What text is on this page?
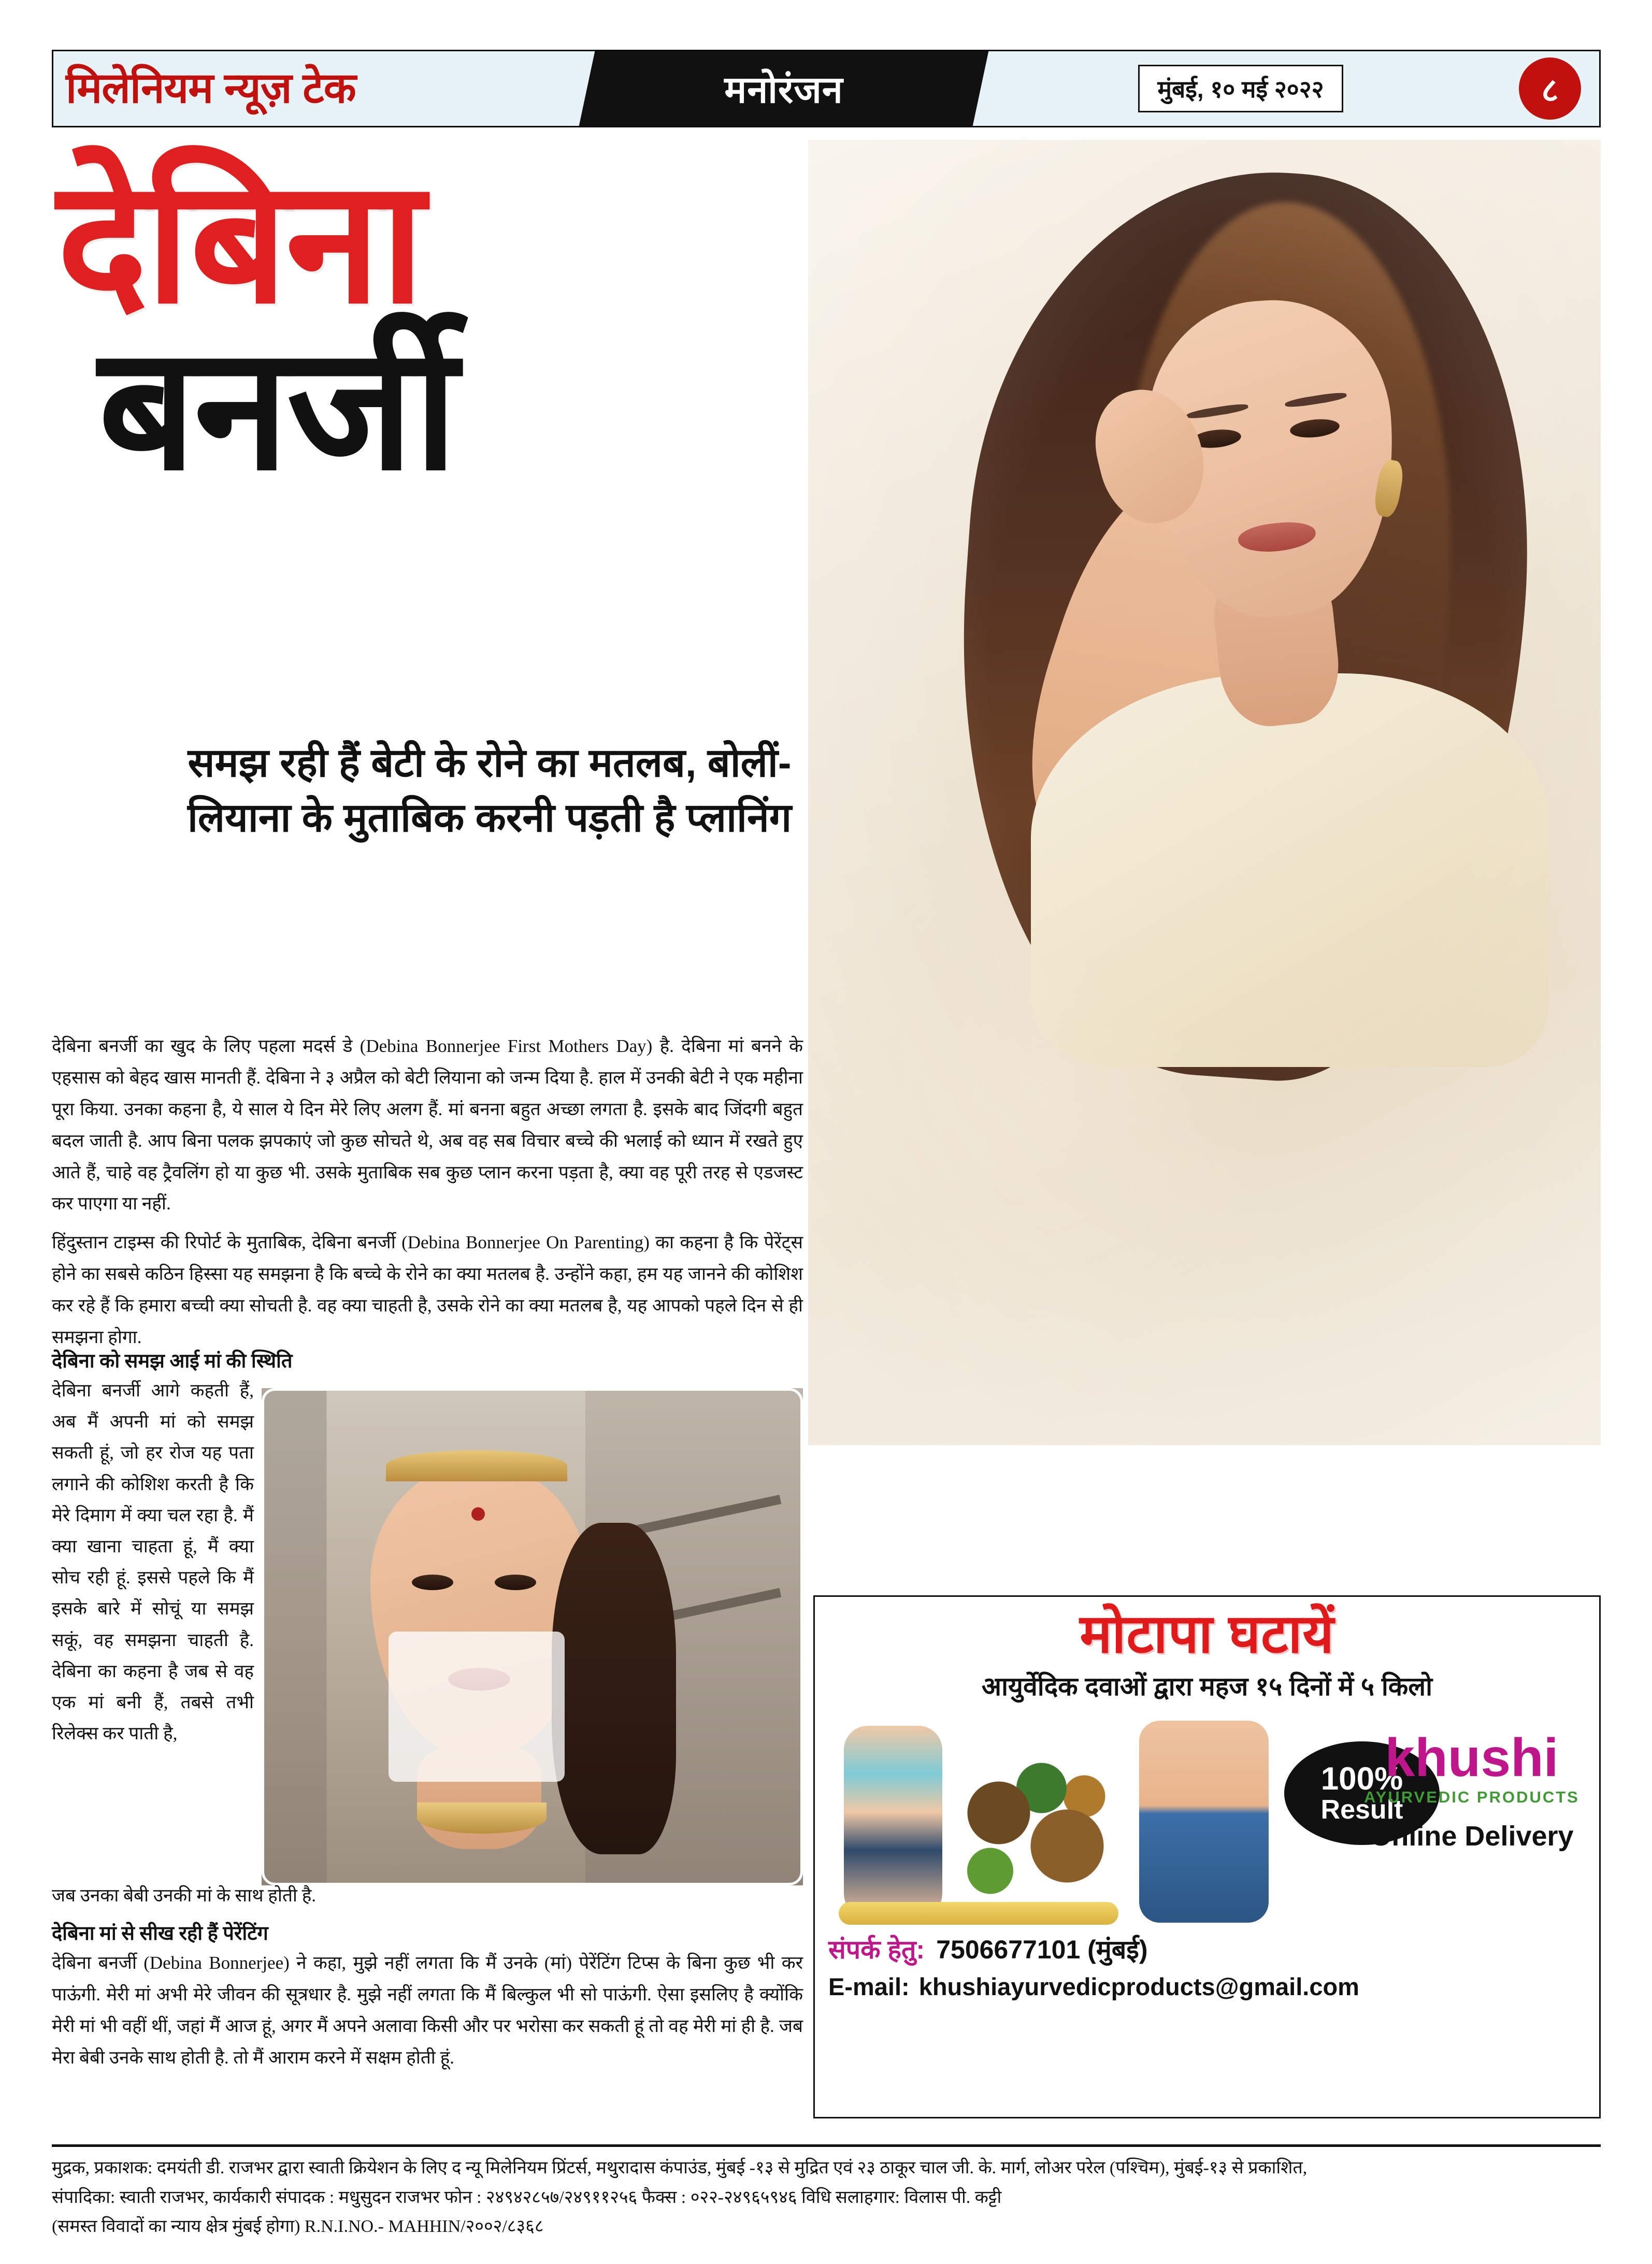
मिलेनियम न्यूज़ टेक	मनोरंजन	मुंबई, १० मई २०२२	८
देबिना
बनर्जी
समझ रही हैं बेटी के रोने का मतलब, बोलीं- लियाना के मुताबिक करनी पड़ती है प्लानिंग

देबिना बनर्जी का खुद के लिए पहला मदर्स डे (Debina Bonnerjee First Mothers Day) है. देबिना मां बनने के एहसास को बेहद खास मानती हैं. देबिना ने ३ अप्रैल को बेटी लियाना को जन्म दिया है. हाल में उनकी बेटी ने एक महीना पूरा किया. उनका कहना है, ये साल ये दिन मेरे लिए अलग हैं. मां बनना बहुत अच्छा लगता है. इसके बाद जिंदगी बहुत बदल जाती है. आप बिना पलक झपकाएं जो कुछ सोचते थे, अब वह सब विचार बच्चे की भलाई को ध्यान में रखते हुए आते हैं, चाहे वह ट्रैवलिंग हो या कुछ भी. उसके मुताबिक सब कुछ प्लान करना पड़ता है, क्या वह पूरी तरह से एडजस्ट कर पाएगा या नहीं.

हिंदुस्तान टाइम्स की रिपोर्ट के मुताबिक, देबिना बनर्जी (Debina Bonnerjee On Parenting) का कहना है कि पेरेंट्स होने का सबसे कठिन हिस्सा यह समझना है कि बच्चे के रोने का क्या मतलब है. उन्होंने कहा, हम यह जानने की कोशिश कर रहे हैं कि हमारा बच्ची क्या सोचती है. वह क्या चाहती है, उसके रोने का क्या मतलब है, यह आपको पहले दिन से ही समझना होगा.

देबिना को समझ आई मां की स्थिति
देबिना बनर्जी आगे कहती हैं, अब मैं अपनी मां को समझ सकती हूं, जो हर रोज यह पता लगाने की कोशिश करती है कि मेरे दिमाग में क्या चल रहा है. मैं क्या खाना चाहता हूं, मैं क्या सोच रही हूं. इससे पहले कि मैं इसके बारे में सोचूं या समझ सकूं, वह समझना चाहती है. देबिना का कहना है जब से वह एक मां बनी हैं, तबसे तभी रिलेक्स कर पाती है,
जब उनका बेबी उनकी मां के साथ होती है.
देबिना मां से सीख रही हैं पेरेंटिंग
देबिना बनर्जी (Debina Bonnerjee) ने कहा, मुझे नहीं लगता कि मैं उनके (मां) पेरेंटिंग टिप्स के बिना कुछ भी कर पाऊंगी. मेरी मां अभी मेरे जीवन की सूत्रधार है. मुझे नहीं लगता कि मैं बिल्कुल भी सो पाऊंगी. ऐसा इसलिए है क्योंकि मेरी मां भी वहीं थीं, जहां मैं आज हूं, अगर मैं अपने अलावा किसी और पर भरोसा कर सकती हूं तो वह मेरी मां ही है. जब मेरा बेबी उनके साथ होती है. तो मैं आराम करने में सक्षम होती हूं.
मोटापा घटायें
आयुर्वेदिक दवाओं द्वारा महज १५ दिनों में ५ किलो
100%
Result
khushi
AYURVEDIC PRODUCTS
Online Delivery
संपर्क हेतु: 7506677101 (मुंबई)
E-mail: khushiayurvedicproducts@gmail.com
मुद्रक, प्रकाशक: दमयंती डी. राजभर द्वारा स्वाती क्रियेशन के लिए द न्यू मिलेनियम प्रिंटर्स, मथुरादास कंपाउंड, मुंबई -१३ से मुद्रित एवं २३ ठाकूर चाल जी. के. मार्ग, लोअर परेल (पश्चिम), मुंबई-१३ से प्रकाशित,
संपादिका: स्वाती राजभर, कार्यकारी संपादक : मधुसुदन राजभर फोन : २४९४२८५७/२४९११२५६ फैक्स : ०२२-२४९६५९४६ विधि सलाहगार: विलास पी. कट्टी
(समस्त विवादों का न्याय क्षेत्र मुंबई होगा) R.N.I.NO.- MAHHIN/२००२/८३६८
